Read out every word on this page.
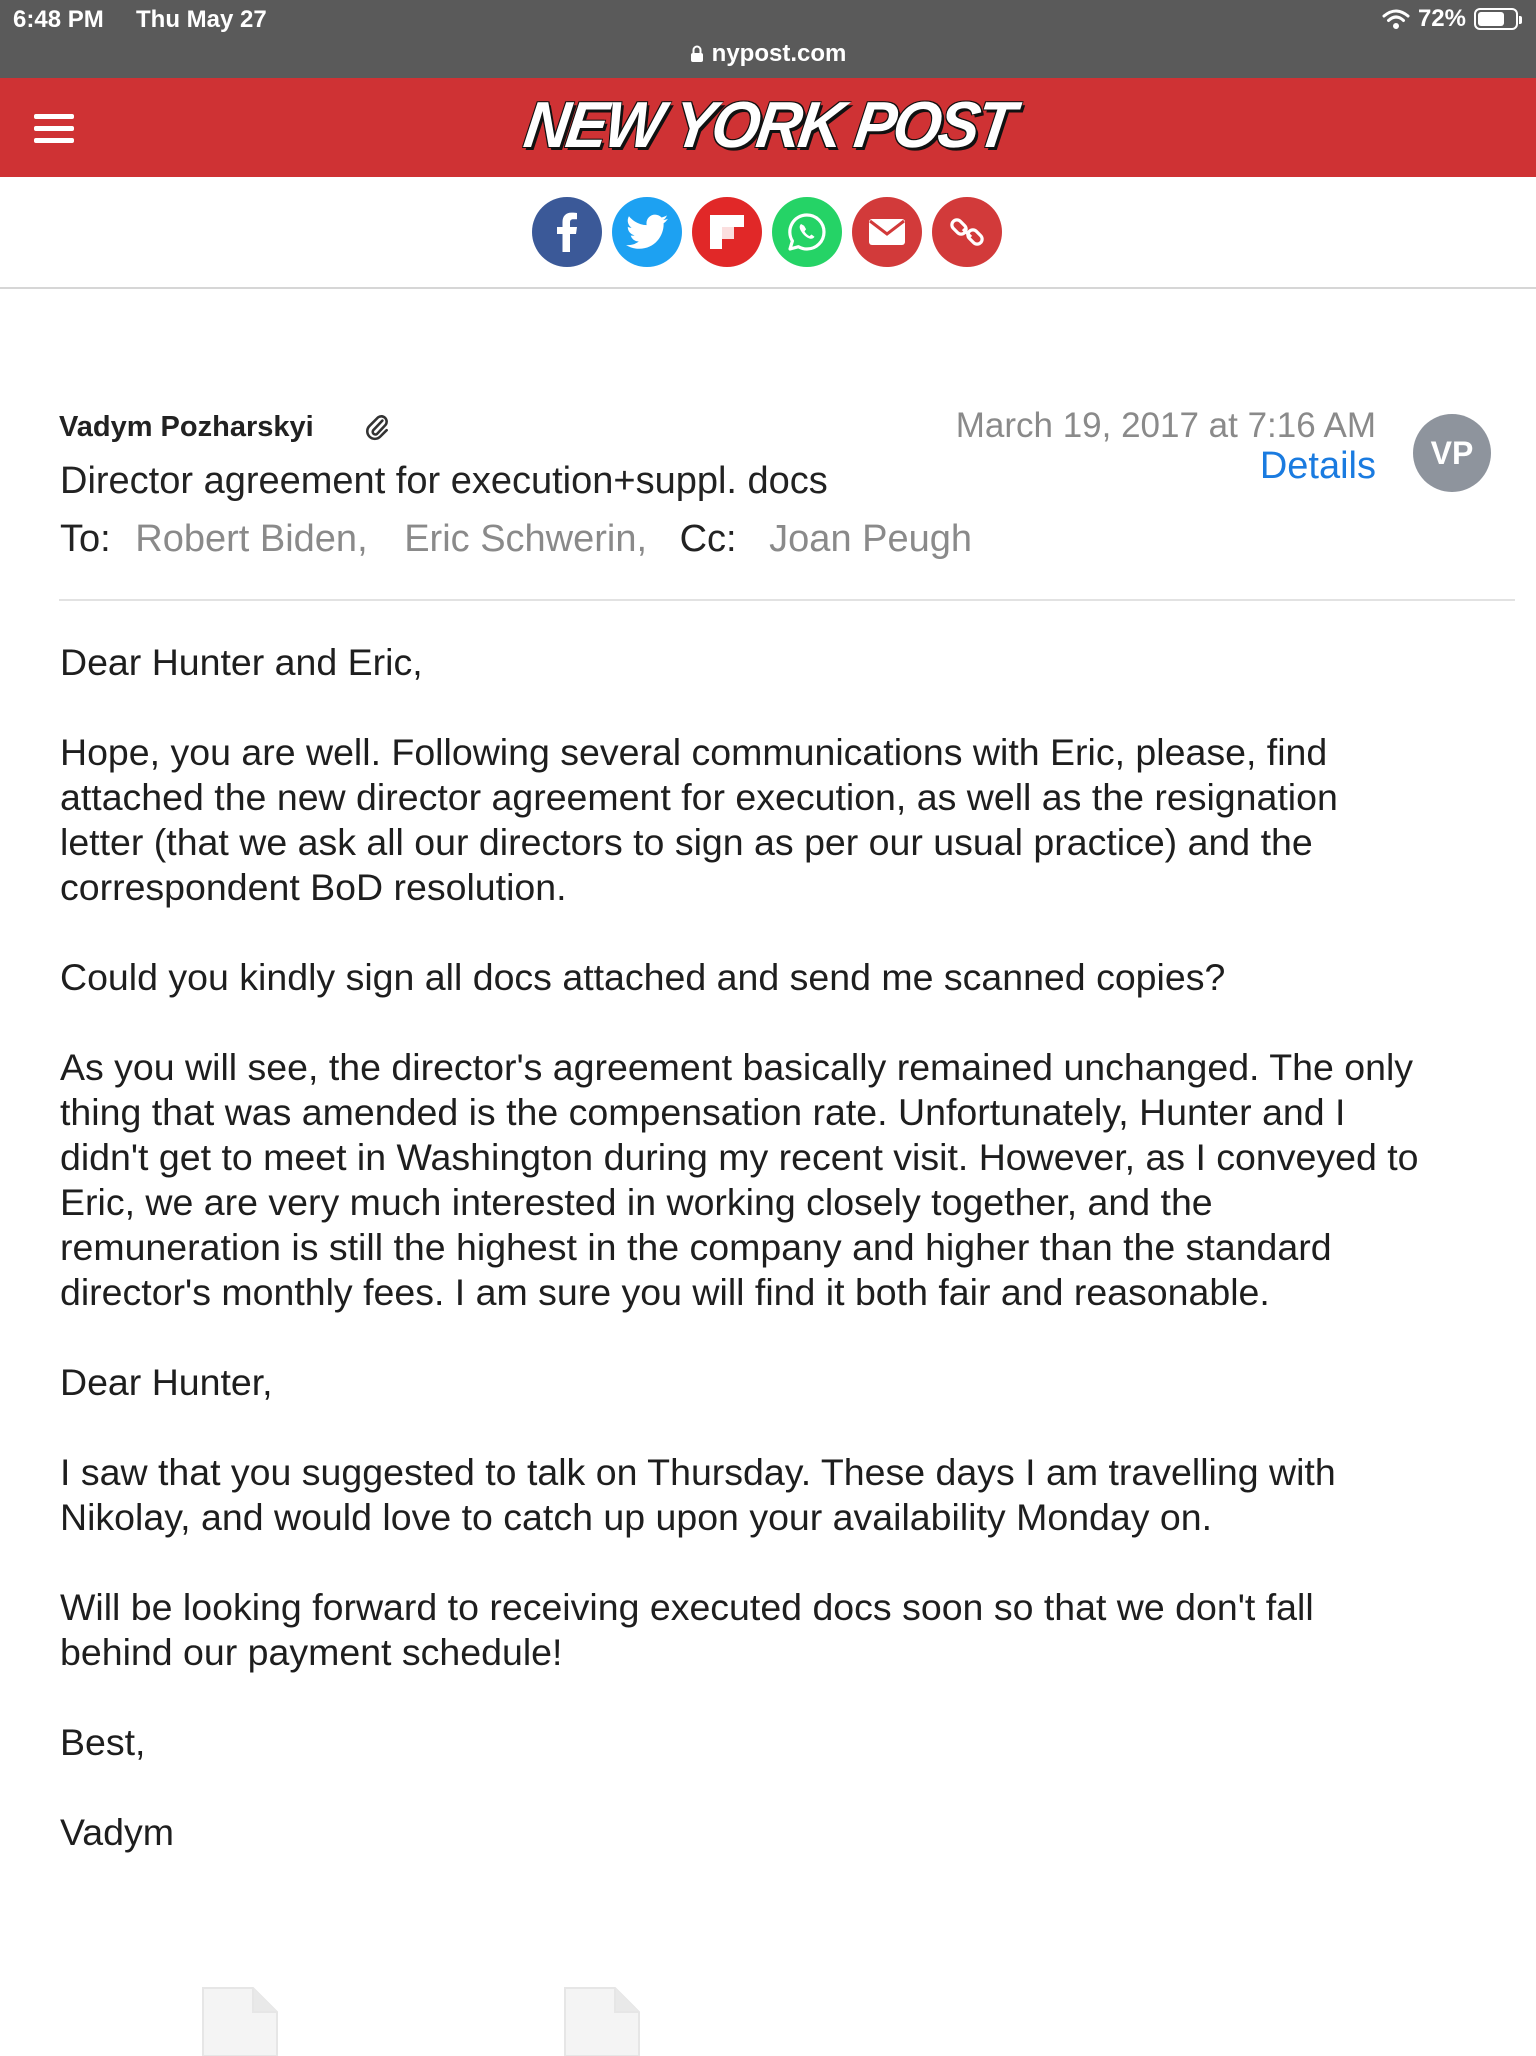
6:48 PM Thu May 27	72%
nypost.com
NEW YORK POST
Vadym Pozharskyi	March 19, 2017 at 7:16 AM
Details	VP
Director agreement for execution+suppl. docs
To: Robert Biden, Eric Schwerin, Cc: Joan Peugh

Dear Hunter and Eric,

Hope, you are well. Following several communications with Eric, please, find
attached the new director agreement for execution, as well as the resignation
letter (that we ask all our directors to sign as per our usual practice) and the
correspondent BoD resolution.

Could you kindly sign all docs attached and send me scanned copies?

As you will see, the director's agreement basically remained unchanged. The only
thing that was amended is the compensation rate. Unfortunately, Hunter and I
didn't get to meet in Washington during my recent visit. However, as I conveyed to
Eric, we are very much interested in working closely together, and the
remuneration is still the highest in the company and higher than the standard
director's monthly fees. I am sure you will find it both fair and reasonable.

Dear Hunter,

I saw that you suggested to talk on Thursday. These days I am travelling with
Nikolay, and would love to catch up upon your availability Monday on.

Will be looking forward to receiving executed docs soon so that we don't fall
behind our payment schedule!

Best,

Vadym
